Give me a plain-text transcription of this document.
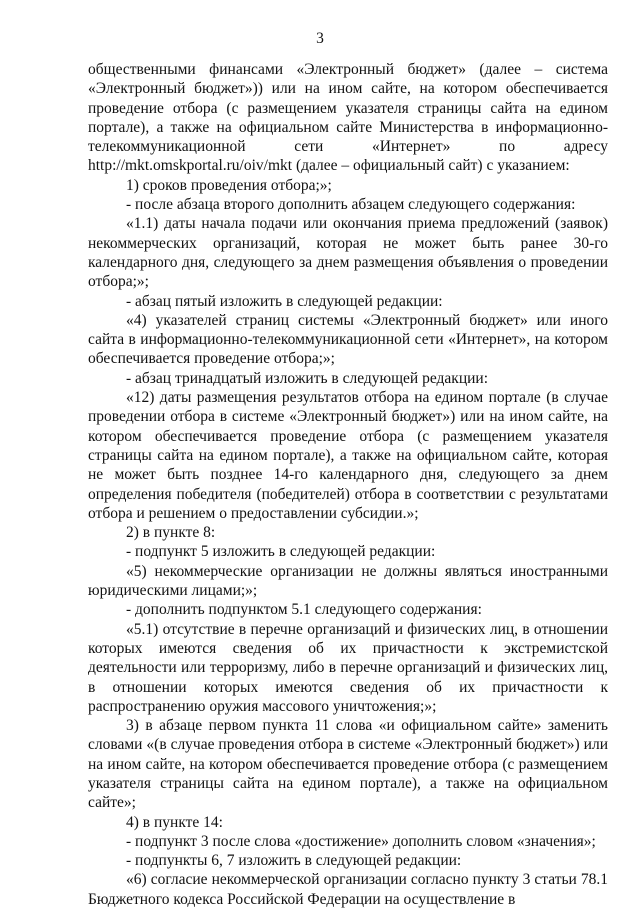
3

общественными финансами «Электронный бюджет» (далее – система «Электронный бюджет»)) или на ином сайте, на котором обеспечивается проведение отбора (с размещением указателя страницы сайта на едином портале), а также на официальном сайте Министерства в информационно-телекоммуникационной сети «Интернет» по адресу http://mkt.omskportal.ru/oiv/mkt (далее – официальный сайт) с указанием:

1) сроков проведения отбора;»;

- после абзаца второго дополнить абзацем следующего содержания:

«1.1) даты начала подачи или окончания приема предложений (заявок) некоммерческих организаций, которая не может быть ранее 30-го календарного дня, следующего за днем размещения объявления о проведении отбора;»;

- абзац пятый изложить в следующей редакции:

«4) указателей страниц системы «Электронный бюджет» или иного сайта в информационно-телекоммуникационной сети «Интернет», на котором обеспечивается проведение отбора;»;

- абзац тринадцатый изложить в следующей редакции:

«12) даты размещения результатов отбора на едином портале (в случае проведении отбора в системе «Электронный бюджет») или на ином сайте, на котором обеспечивается проведение отбора (с размещением указателя страницы сайта на едином портале), а также на официальном сайте, которая не может быть позднее 14-го календарного дня, следующего за днем определения победителя (победителей) отбора в соответствии с результатами отбора и решением о предоставлении субсидии.»;

2) в пункте 8:

- подпункт 5 изложить в следующей редакции:

«5) некоммерческие организации не должны являться иностранными юридическими лицами;»;

- дополнить подпунктом 5.1 следующего содержания:

«5.1) отсутствие в перечне организаций и физических лиц, в отношении которых имеются сведения об их причастности к экстремистской деятельности или терроризму, либо в перечне организаций и физических лиц, в отношении которых имеются сведения об их причастности к распространению оружия массового уничтожения;»;

3) в абзаце первом пункта 11 слова «и официальном сайте» заменить словами «(в случае проведения отбора в системе «Электронный бюджет») или на ином сайте, на котором обеспечивается проведение отбора (с размещением указателя страницы сайта на едином портале), а также на официальном сайте»;

4) в пункте 14:

- подпункт 3 после слова «достижение» дополнить словом «значения»;

- подпункты 6, 7 изложить в следующей редакции:

«6) согласие некоммерческой организации согласно пункту 3 статьи 78.1 Бюджетного кодекса Российской Федерации на осуществление в
